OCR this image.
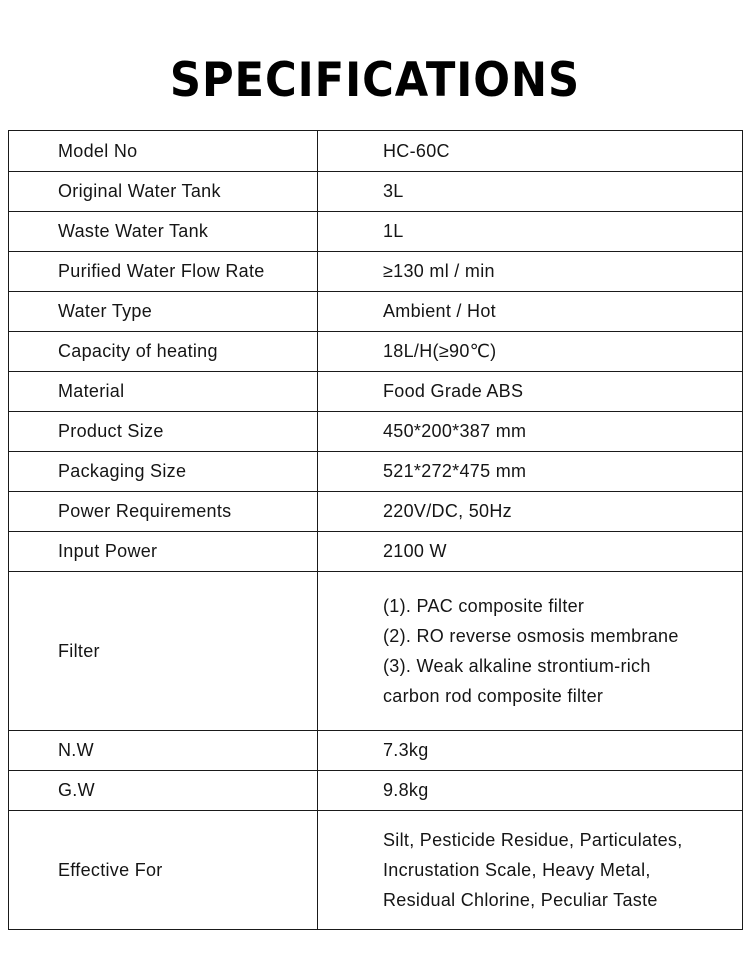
SPECIFICATIONS
Model No	HC-60C
Original Water Tank	3L
Waste Water Tank	1L
Purified Water Flow Rate	≥130 ml / min
Water Type	Ambient / Hot
Capacity of heating	18L/H(≥90℃)
Material	Food Grade ABS
Product Size	450*200*387 mm
Packaging Size	521*272*475 mm
Power Requirements	220V/DC, 50Hz
Input Power	2100 W
Filter	(1). PAC composite filter
(2). RO reverse osmosis membrane
(3). Weak alkaline strontium-rich
carbon rod composite filter

N.W	7.3kg
G.W	9.8kg
Effective For	Silt, Pesticide Residue, Particulates,
Incrustation Scale, Heavy Metal,
Residual Chlorine, Peculiar Taste
